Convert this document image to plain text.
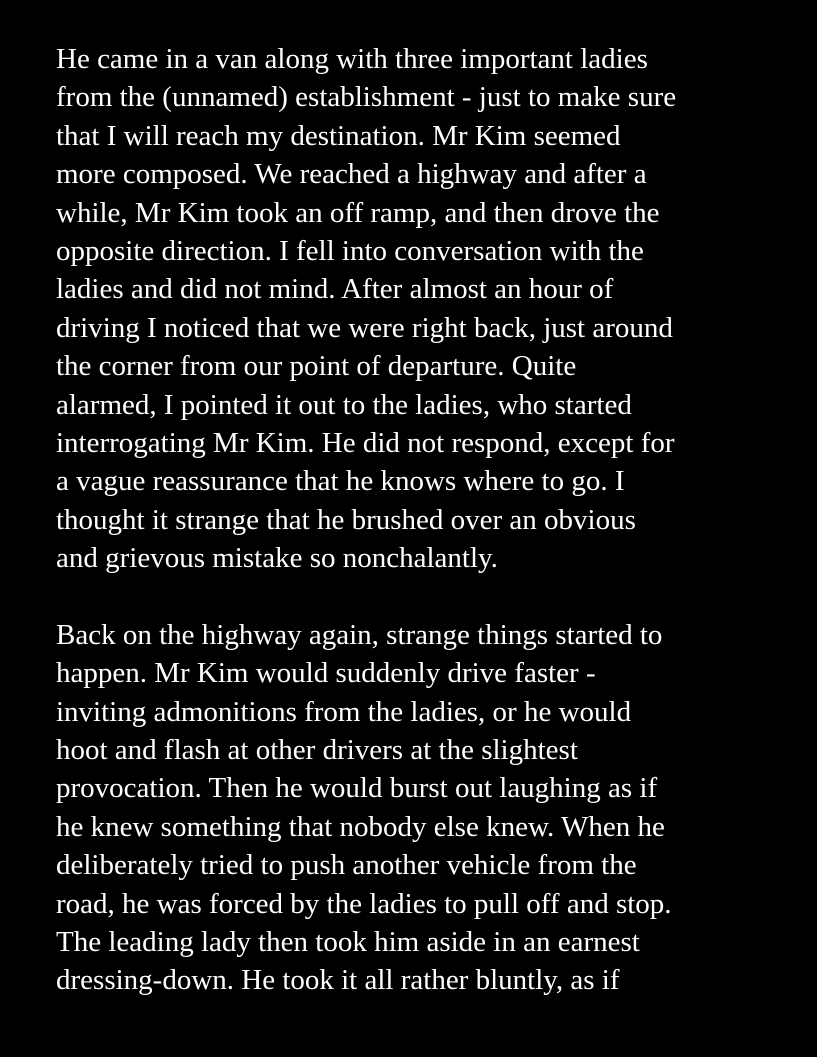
He came in a van along with three important ladies
from the (unnamed) establishment - just to make sure
that I will reach my destination. Mr Kim seemed
more composed. We reached a highway and after a
while, Mr Kim took an off ramp, and then drove the
opposite direction. I fell into conversation with the
ladies and did not mind. After almost an hour of
driving I noticed that we were right back, just around
the corner from our point of departure. Quite
alarmed, I pointed it out to the ladies, who started
interrogating Mr Kim. He did not respond, except for
a vague reassurance that he knows where to go. I
thought it strange that he brushed over an obvious
and grievous mistake so nonchalantly.

Back on the highway again, strange things started to
happen. Mr Kim would suddenly drive faster -
inviting admonitions from the ladies, or he would
hoot and flash at other drivers at the slightest
provocation. Then he would burst out laughing as if
he knew something that nobody else knew. When he
deliberately tried to push another vehicle from the
road, he was forced by the ladies to pull off and stop.
The leading lady then took him aside in an earnest
dressing-down. He took it all rather bluntly, as if
